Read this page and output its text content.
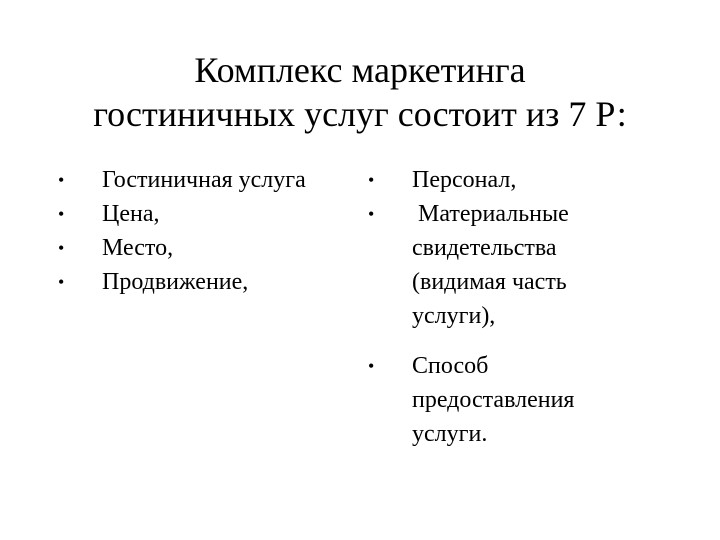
Комплекс маркетинга
гостиничных услуг состоит из 7 Р:
•	Гостиничная услуга
•	Цена,
•	Место,
•	Продвижение,
•	Персонал,
•	Материальные
свидетельства
(видимая часть
услуги),
•	Способ
предоставления
услуги.
